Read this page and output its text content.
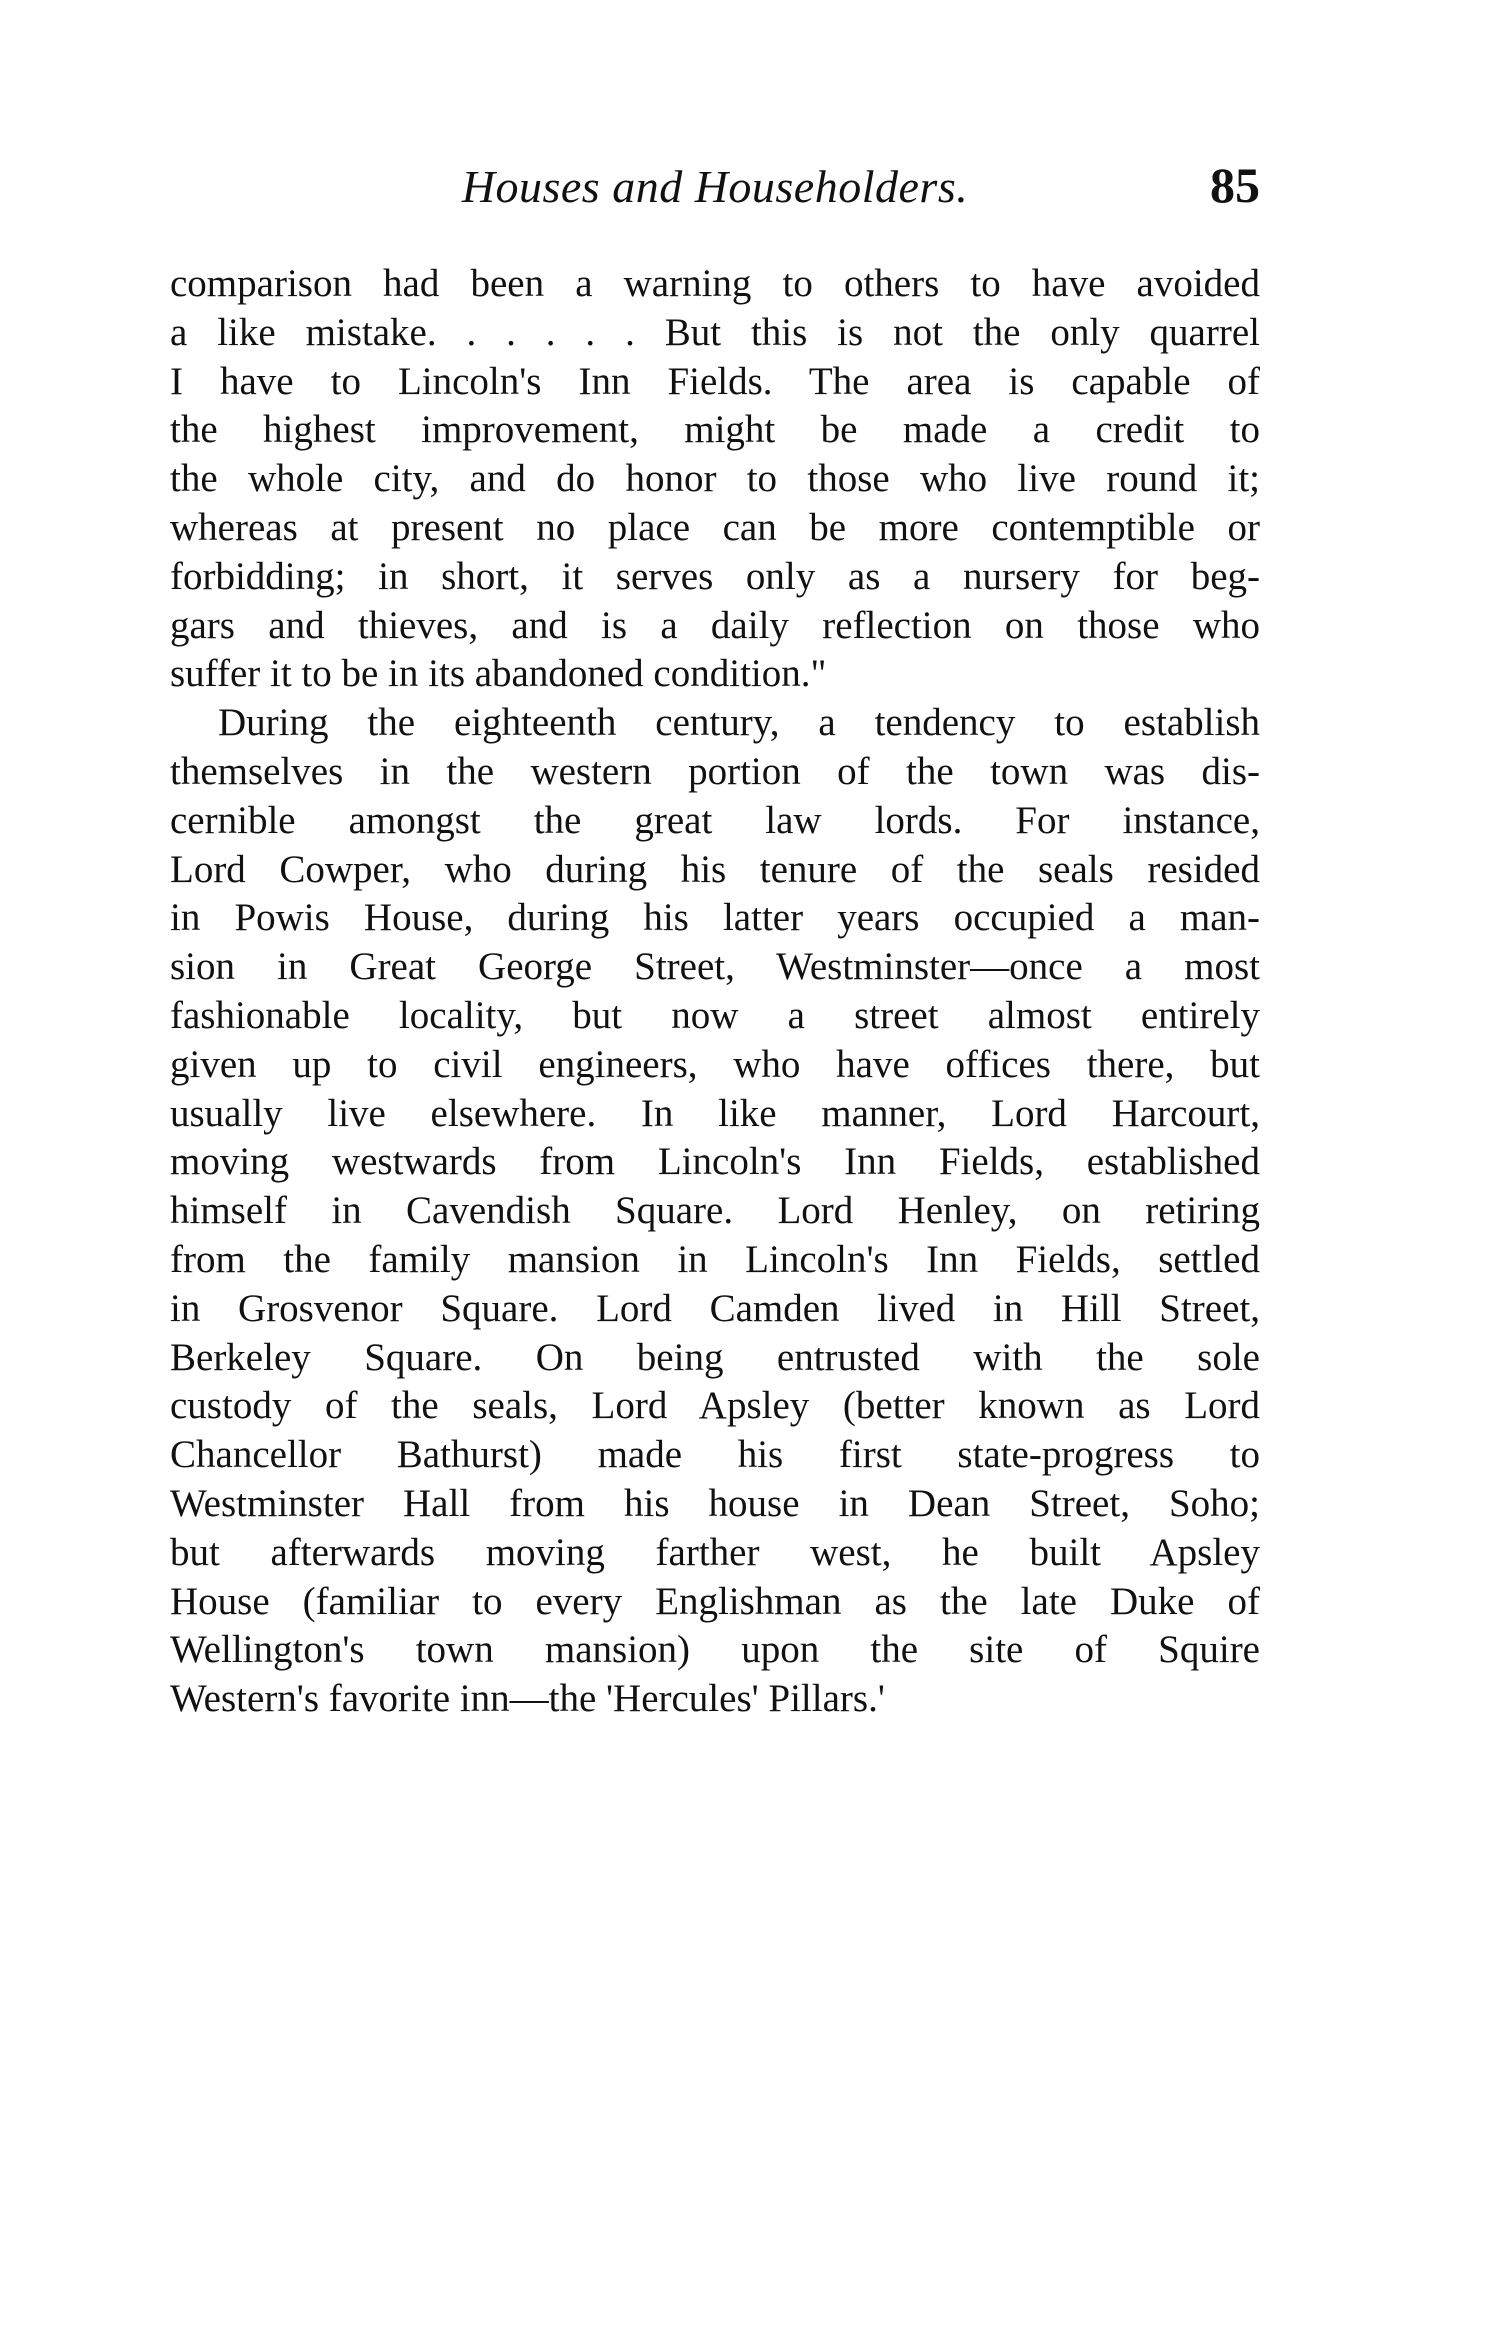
Houses and Householders.	85

comparison had been a warning to others to have avoided
a like mistake. . . . . . But this is not the only quarrel
I have to Lincoln's Inn Fields. The area is capable of
the highest improvement, might be made a credit to
the whole city, and do honor to those who live round it;
whereas at present no place can be more contemptible or
forbidding; in short, it serves only as a nursery for beg-
gars and thieves, and is a daily reflection on those who
suffer it to be in its abandoned condition."

During the eighteenth century, a tendency to establish
themselves in the western portion of the town was dis-
cernible amongst the great law lords. For instance,
Lord Cowper, who during his tenure of the seals resided
in Powis House, during his latter years occupied a man-
sion in Great George Street, Westminster—once a most
fashionable locality, but now a street almost entirely
given up to civil engineers, who have offices there, but
usually live elsewhere. In like manner, Lord Harcourt,
moving westwards from Lincoln's Inn Fields, established
himself in Cavendish Square. Lord Henley, on retiring
from the family mansion in Lincoln's Inn Fields, settled
in Grosvenor Square. Lord Camden lived in Hill Street,
Berkeley Square. On being entrusted with the sole
custody of the seals, Lord Apsley (better known as Lord
Chancellor Bathurst) made his first state-progress to
Westminster Hall from his house in Dean Street, Soho;
but afterwards moving farther west, he built Apsley
House (familiar to every Englishman as the late Duke of
Wellington's town mansion) upon the site of Squire
Western's favorite inn—the 'Hercules' Pillars.'
